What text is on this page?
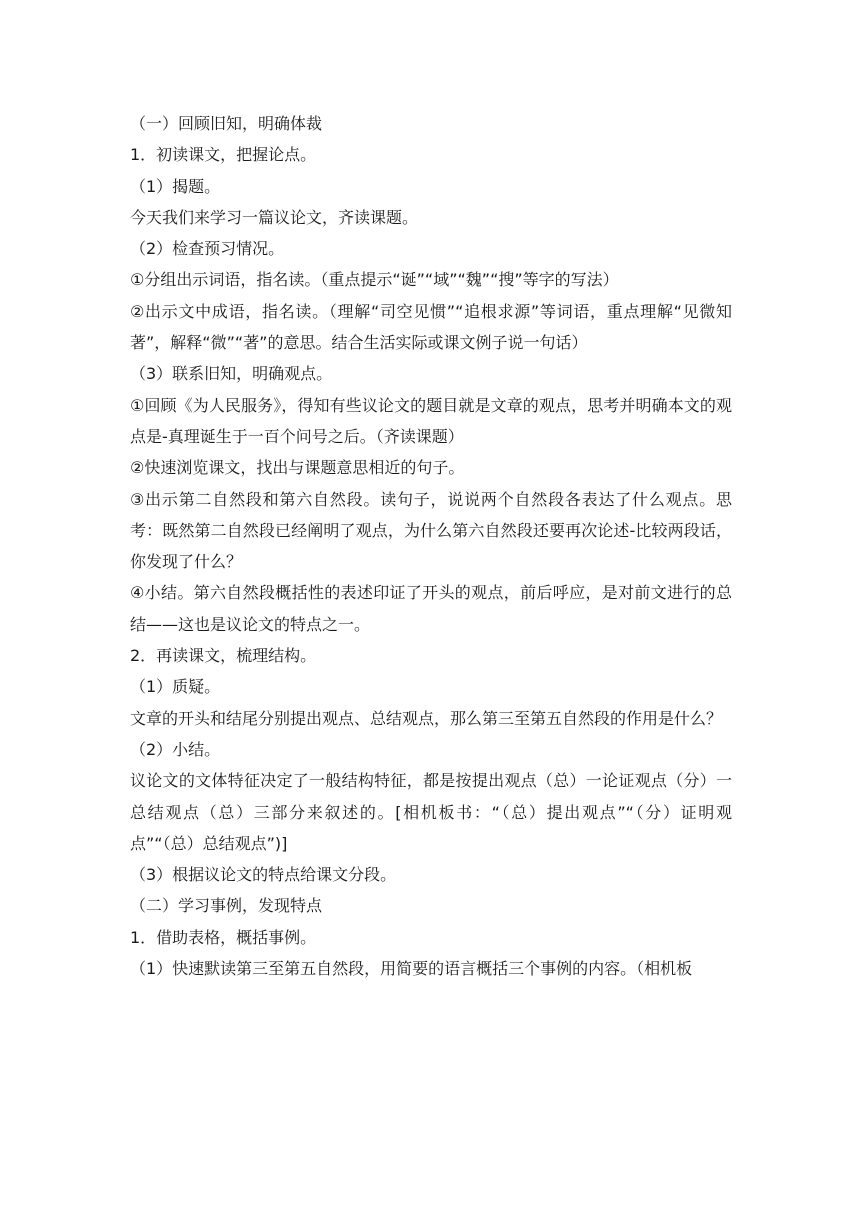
（一）回顾旧知，明确体裁

1．初读课文，把握论点。

（1）揭题。

今天我们来学习一篇议论文，齐读课题。

（2）检查预习情况。

①分组出示词语，指名读。（重点提示“诞”“域”“魏”“搜”等字的写法）

②出示文中成语，指名读。（理解“司空见惯”“追根求源”等词语，重点理解“见微知著”，解释“微”“著”的意思。结合生活实际或课文例子说一句话）

（3）联系旧知，明确观点。

①回顾《为人民服务》，得知有些议论文的题目就是文章的观点，思考并明确本文的观点是-真理诞生于一百个问号之后。（齐读课题）

②快速浏览课文，找出与课题意思相近的句子。

③出示第二自然段和第六自然段。读句子，说说两个自然段各表达了什么观点。思考：既然第二自然段已经阐明了观点，为什么第六自然段还要再次论述-比较两段话，你发现了什么？

④小结。第六自然段概括性的表述印证了开头的观点，前后呼应，是对前文进行的总结——这也是议论文的特点之一。

2．再读课文，梳理结构。

（1）质疑。

文章的开头和结尾分别提出观点、总结观点，那么第三至第五自然段的作用是什么？

（2）小结。

议论文的文体特征决定了一般结构特征，都是按提出观点（总）一论证观点（分）一总结观点（总）三部分来叙述的。[相机板书：“（总）提出观点”“（分）证明观点”“（总）总结观点”)]

（3）根据议论文的特点给课文分段。

（二）学习事例，发现特点

1．借助表格，概括事例。

（1）快速默读第三至第五自然段，用简要的语言概括三个事例的内容。（相机板
